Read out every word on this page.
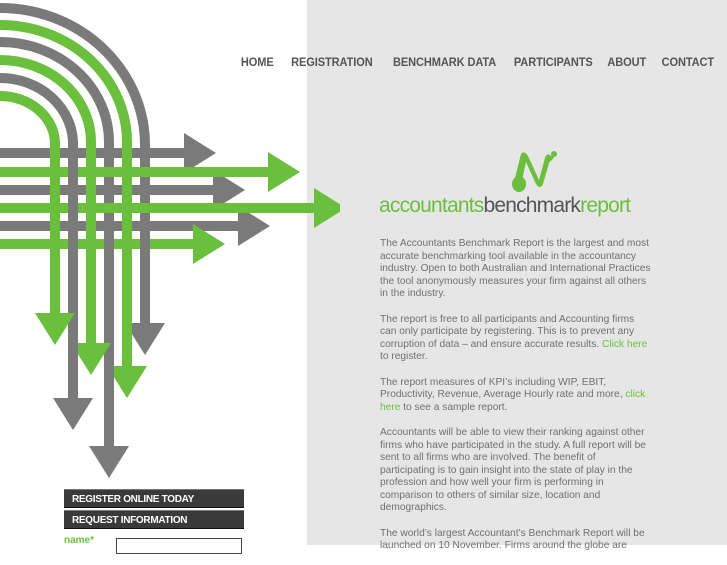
HOME REGISTRATION BENCHMARK DATA PARTICIPANTS ABOUT CONTACT
accountantsbenchmarkreport

The Accountants Benchmark Report is the largest and most accurate benchmarking tool available in the accountancy industry. Open to both Australian and International Practices the tool anonymously measures your firm against all others in the industry.

The report is free to all participants and Accounting firms can only participate by registering. This is to prevent any corruption of data – and ensure accurate results. Click here to register.

The report measures of KPI’s including WIP, EBIT, Productivity, Revenue, Average Hourly rate and more, click here to see a sample report.

Accountants will be able to view their ranking against other firms who have participated in the study. A full report will be sent to all firms who are involved. The benefit of participating is to gain insight into the state of play in the profession and how well your firm is performing in comparison to others of similar size, location and demographics.

The world’s largest Accountant’s Benchmark Report will be launched on 10 November. Firms around the globe are

REGISTER ONLINE TODAY
REQUEST INFORMATION
name*
